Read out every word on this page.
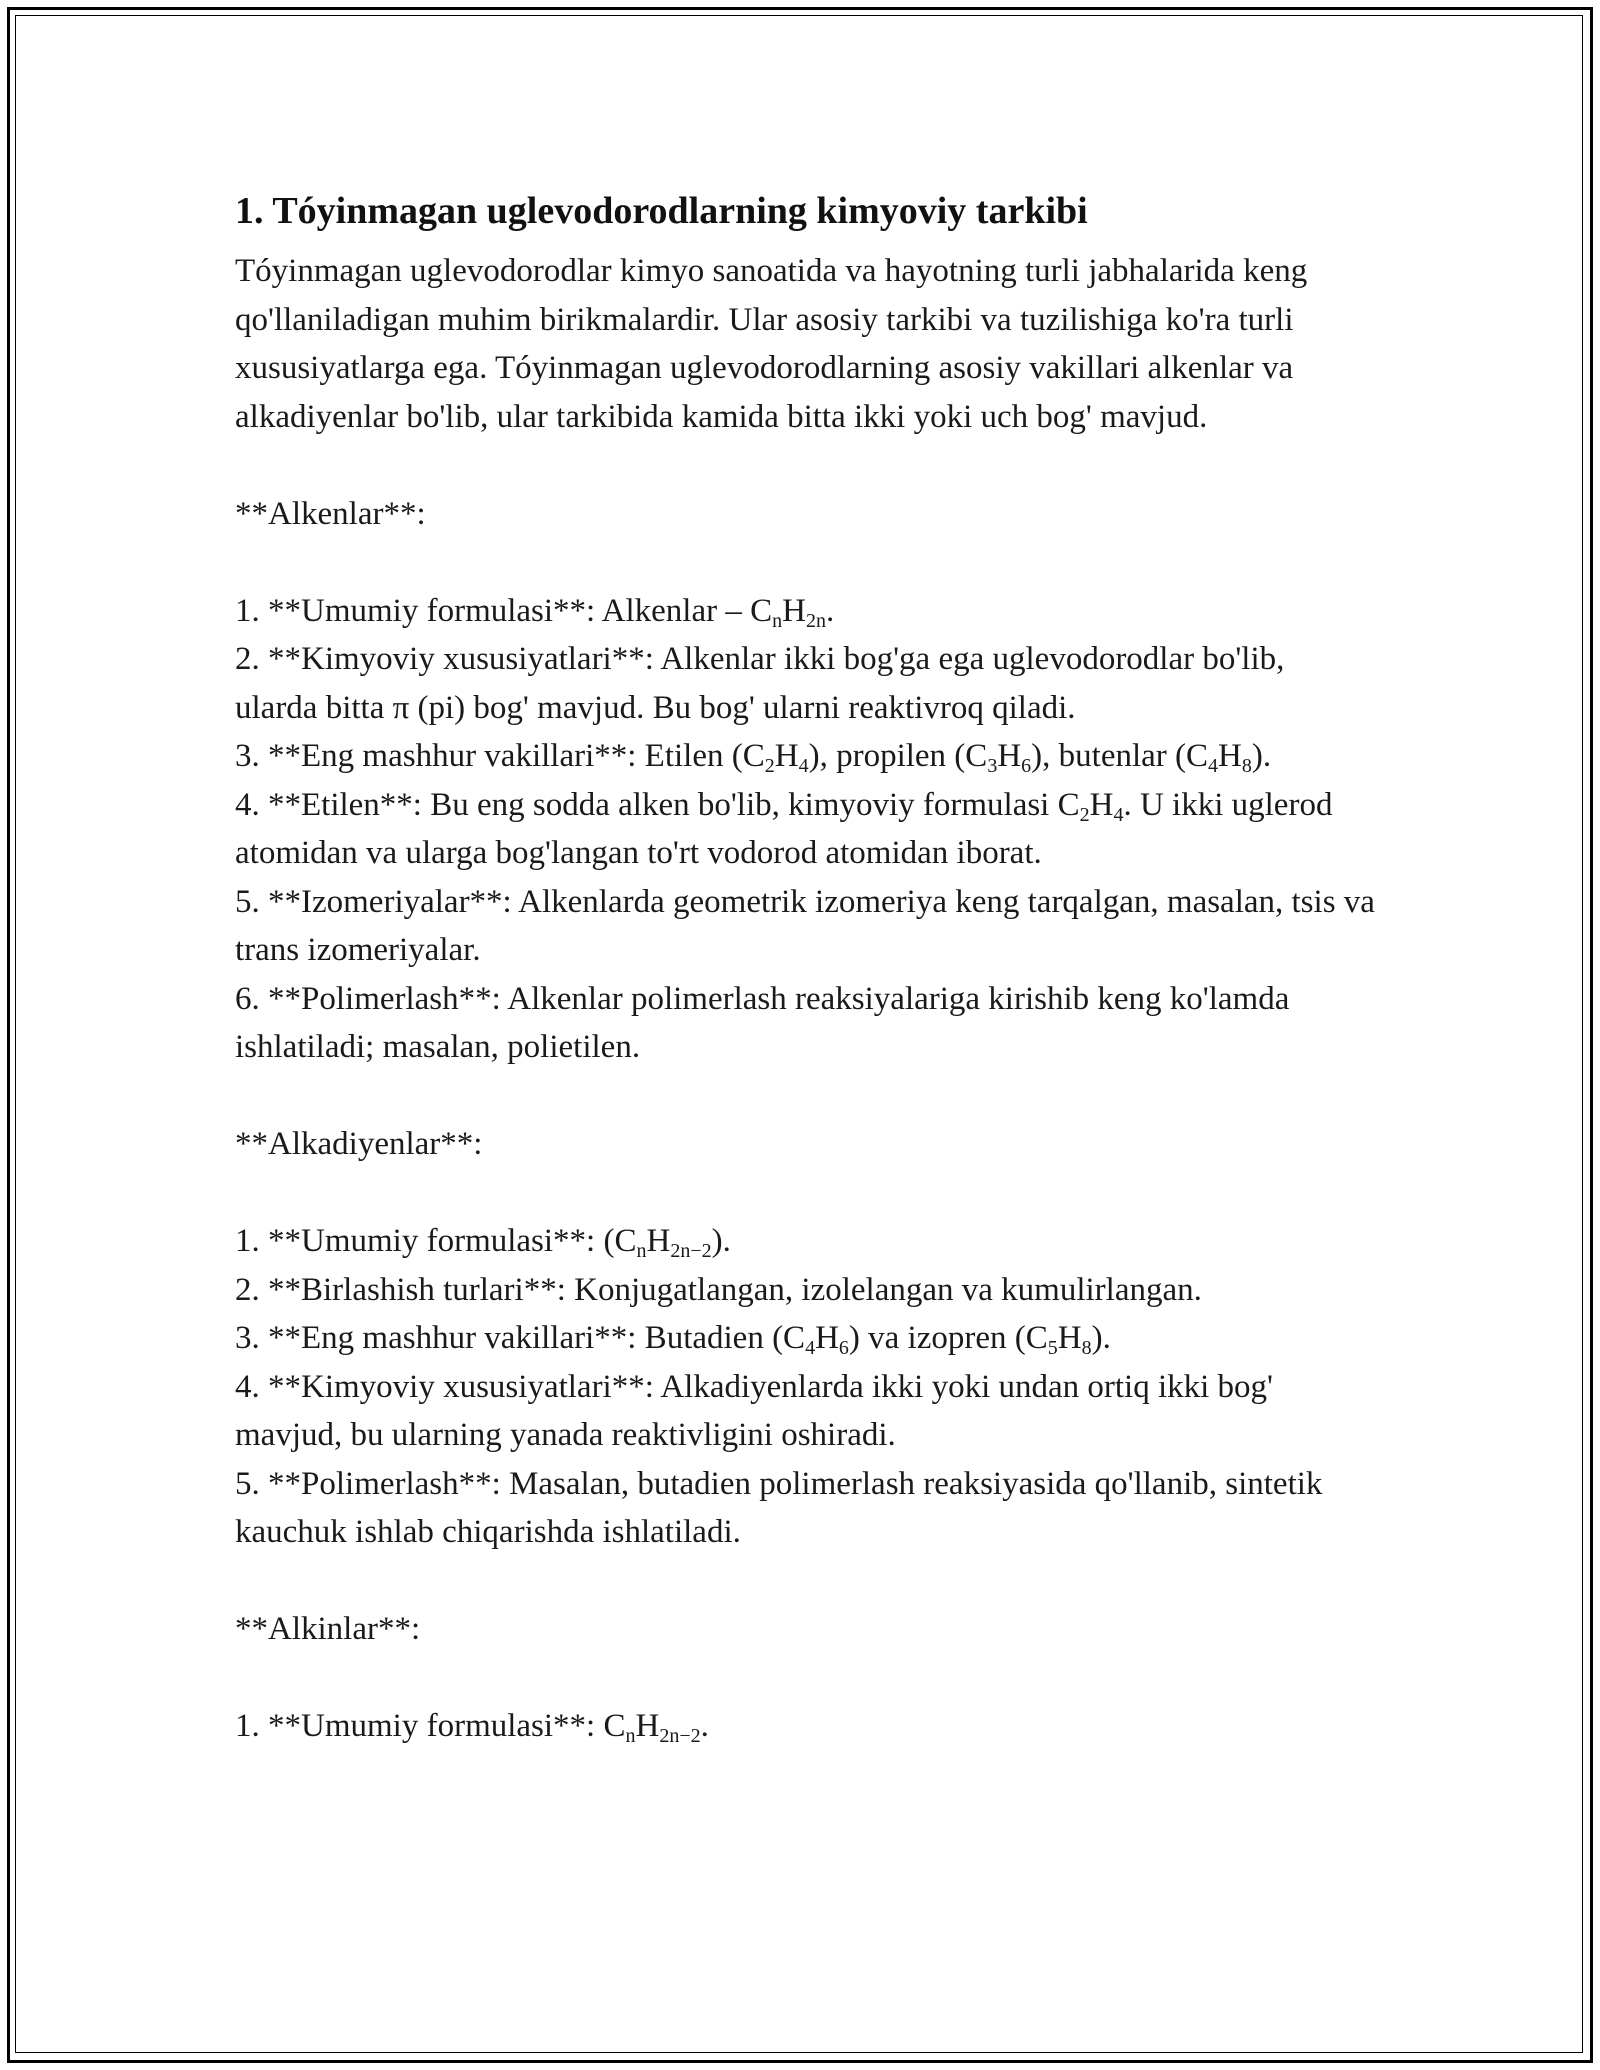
1. Tóyinmagan uglevodorodlarning kimyoviy tarkibi

Tóyinmagan uglevodorodlar kimyo sanoatida va hayotning turli jabhalarida keng qo'llaniladigan muhim birikmalardir. Ular asosiy tarkibi va tuzilishiga ko'ra turli xususiyatlarga ega. Tóyinmagan uglevodorodlarning asosiy vakillari alkenlar va alkadiyenlar bo'lib, ular tarkibida kamida bitta ikki yoki uch bog' mavjud.

**Alkenlar**:

1. **Umumiy formulasi**: Alkenlar – $C_nH_{2n}$.

2. **Kimyoviy xususiyatlari**: Alkenlar ikki bog'ga ega uglevodorodlar bo'lib, ularda bitta π (pi) bog' mavjud. Bu bog' ularni reaktivroq qiladi.

3. **Eng mashhur vakillari**: Etilen $(C_2H_4)$, propilen $(C_3H_6)$, butenlar $(C_4H_8)$.

4. **Etilen**: Bu eng sodda alken bo'lib, kimyoviy formulasi $C_2H_4$. U ikki uglerod atomidan va ularga bog'langan to'rt vodorod atomidan iborat.

5. **Izomeriyalar**: Alkenlarda geometrik izomeriya keng tarqalgan, masalan, tsis va trans izomeriyalar.

6. **Polimerlash**: Alkenlar polimerlash reaksiyalariga kirishib keng ko'lamda ishlatiladi; masalan, polietilen.

**Alkadiyenlar**:

1. **Umumiy formulasi**: $(C_nH_{2n-2})$.

2. **Birlashish turlari**: Konjugatlangan, izolelangan va kumulirlangan.

3. **Eng mashhur vakillari**: Butadien $(C_4H_6)$ va izopren $(C_5H_8)$.

4. **Kimyoviy xususiyatlari**: Alkadiyenlarda ikki yoki undan ortiq ikki bog' mavjud, bu ularning yanada reaktivligini oshiradi.

5. **Polimerlash**: Masalan, butadien polimerlash reaksiyasida qo'llanib, sintetik kauchuk ishlab chiqarishda ishlatiladi.

**Alkinlar**:

1. **Umumiy formulasi**: $C_nH_{2n-2}$.
